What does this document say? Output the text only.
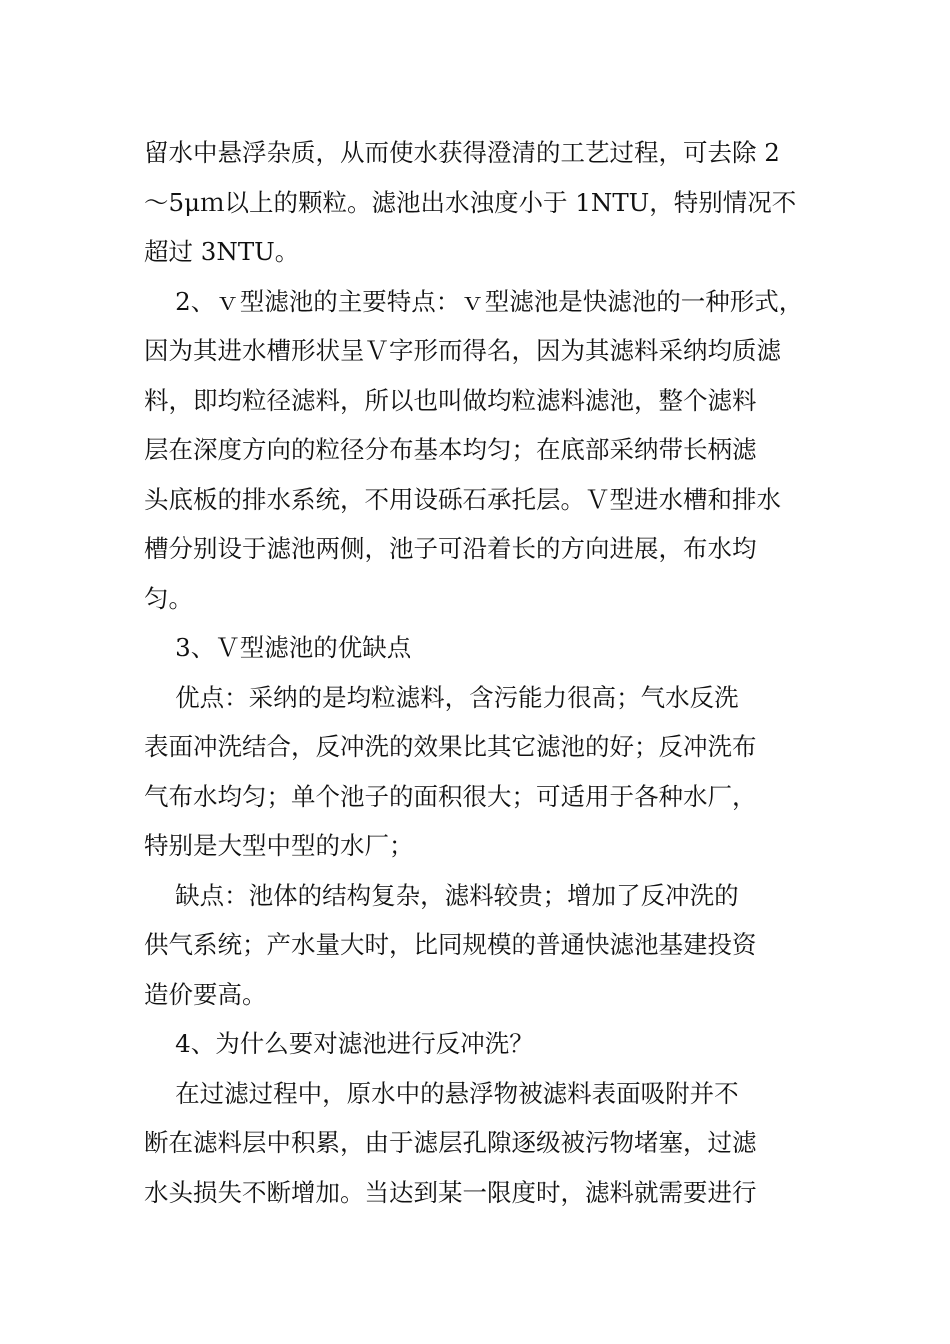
留水中悬浮杂质，从而使水获得澄清的工艺过程，可去除 2
～5μｍ以上的颗粒。滤池出水浊度小于 1NTU，特别情况不
超过 3NTU。
2、ｖ型滤池的主要特点：ｖ型滤池是快滤池的一种形式，
因为其进水槽形状呈Ｖ字形而得名，因为其滤料采纳均质滤
料，即均粒径滤料，所以也叫做均粒滤料滤池，整个滤料
层在深度方向的粒径分布基本均匀；在底部采纳带长柄滤
头底板的排水系统，不用设砾石承托层。Ｖ型进水槽和排水
槽分别设于滤池两侧，池子可沿着长的方向进展，布水均
匀。
3、Ｖ型滤池的优缺点
优点：采纳的是均粒滤料，含污能力很高；气水反洗
表面冲洗结合，反冲洗的效果比其它滤池的好；反冲洗布
气布水均匀；单个池子的面积很大；可适用于各种水厂，
特别是大型中型的水厂；
缺点：池体的结构复杂，滤料较贵；增加了反冲洗的
供气系统；产水量大时，比同规模的普通快滤池基建投资
造价要高。
4、为什么要对滤池进行反冲洗？
在过滤过程中，原水中的悬浮物被滤料表面吸附并不
断在滤料层中积累，由于滤层孔隙逐级被污物堵塞，过滤
水头损失不断增加。当达到某一限度时，滤料就需要进行
